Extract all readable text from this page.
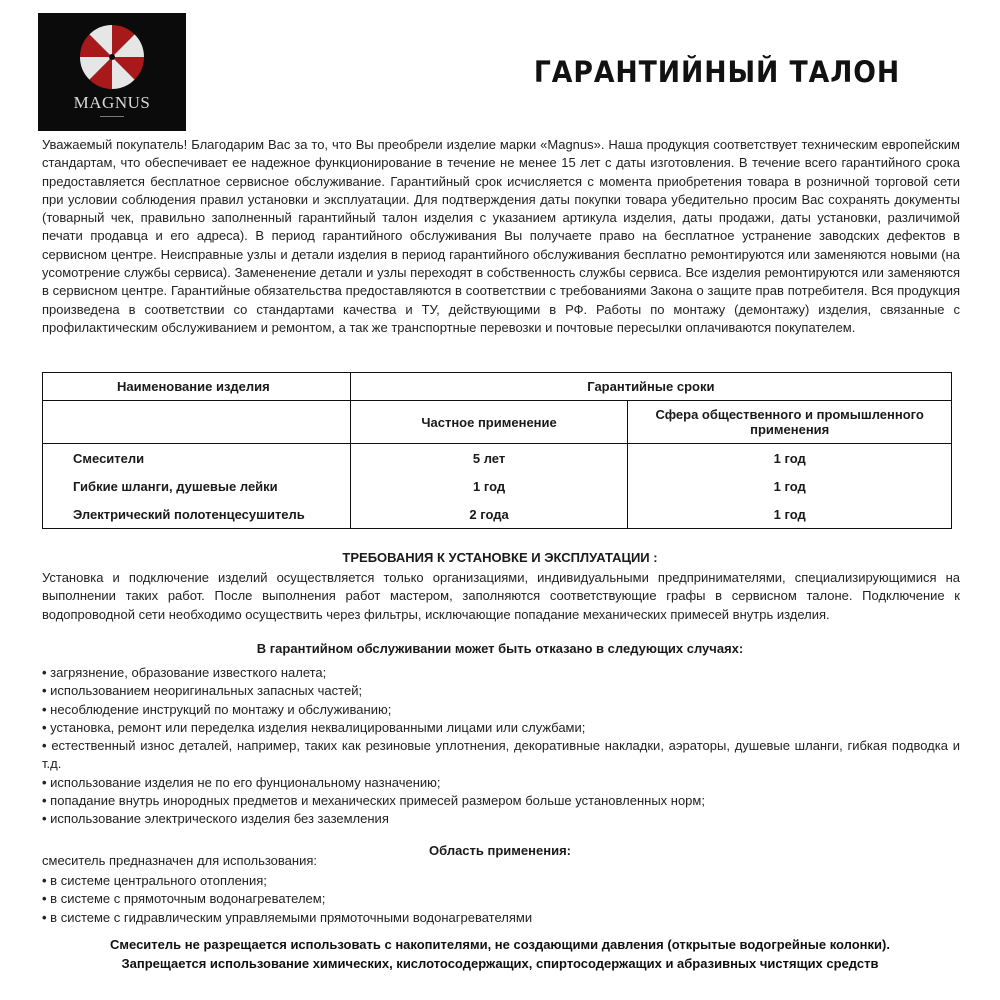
MAGNUS
ГАРАНТИЙНЫЙ ТАЛОН
Уважаемый покупатель! Благодарим Вас за то, что Вы преобрели изделие марки «Magnus». Наша продукция соответствует техническим европейским стандартам, что обеспечивает ее надежное функционирование в течение не менее 15 лет с даты изготовления. В течение всего гарантийного срока предоставляется бесплатное сервисное обслуживание. Гарантийный срок исчисляется с момента приобретения товара в розничной торговой сети при условии соблюдения правил установки и эксплуатации. Для подтверждения даты покупки товара убедительно просим Вас сохранять документы (товарный чек, правильно заполненный гарантийный талон изделия с указанием артикула изделия, даты продажи, даты установки, различимой печати продавца и его адреса). В период гарантийного обслуживания Вы получаете право на бесплатное устранение заводских дефектов в сервисном центре. Неисправные узлы и детали изделия в период гарантийного обслуживания бесплатно ремонтируются или заменяются новыми (на усомотрение службы сервиса). Замененение детали и узлы переходят в собственность службы сервиса. Все изделия ремонтируются или заменяются в сервисном центре. Гарантийные обязательства предоставляются в соответствии с требованиями Закона о защите прав потребителя. Вся продукция произведена в соответствии со стандартами качества и ТУ, действующими в РФ. Работы по монтажу (демонтажу) изделия, связанные с профилактическим обслуживанием и ремонтом, а так же транспортные перевозки и почтовые пересылки оплачиваются покупателем.
Наименование изделия	Гарантийные сроки	
	Частное применение	Сфера общественного и промышленного применения
Смесители	5 лет	1 год
Гибкие шланги, душевые лейки	1 год	1 год
Электрический полотенцесушитель	2 года	1 год
ТРЕБОВАНИЯ К УСТАНОВКЕ И ЭКСПЛУАТАЦИИ :
Установка и подключение изделий осуществляется только организациями, индивидуальными предпринимателями, специализирующимися на выполнении таких работ. После выполнения работ мастером, заполняются соответствующие графы в сервисном талоне. Подключение к водопроводной сети необходимо осуществить через фильтры, исключающие попадание механических примесей внутрь изделия.
В гарантийном обслуживании может быть отказано в следующих случаях:
• загрязнение, образование известкого налета;
• использованием неоригинальных запасных частей;
• несоблюдение инструкций по монтажу и обслуживанию;
• установка, ремонт или переделка изделия неквалицированными лицами или службами;
• естественный износ деталей, например, таких как резиновые уплотнения, декоративные накладки, аэраторы, душевые шланги, гибкая подводка и т.д.
• использование изделия не по его фунциональному назначению;
• попадание внутрь инородных предметов и механических примесей размером больше установленных норм;
• использование электрического изделия без заземления
Область применения:
смеситель предназначен для использования:
• в системе центрального отопления;
• в системе с прямоточным водонагревателем;
• в системе с гидравлическим управляемыми прямоточными водонагревателями
Смеситель не разрещается использовать с накопителями, не создающими давления (открытые водогрейные колонки).
Запрещается использование химических, кислотосодержащих, спиртосодержащих и абразивных чистящих средств
